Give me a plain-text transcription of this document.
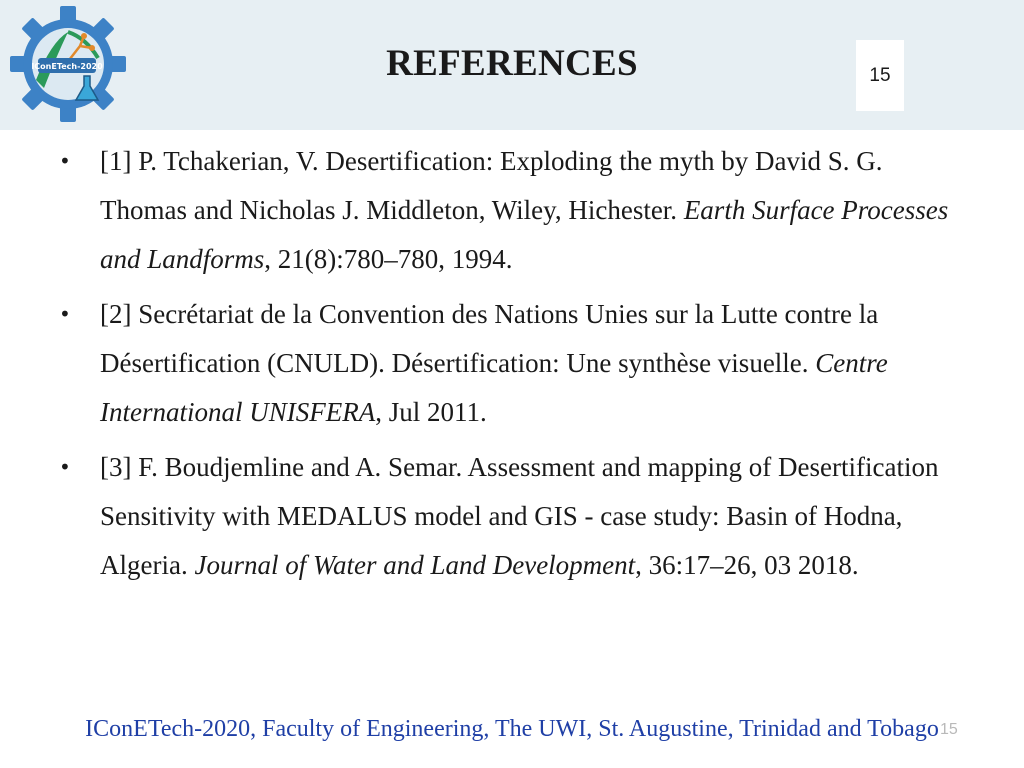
IConETech-2020	REFERENCES	15
• [1] P. Tchakerian, V. Desertification: Exploding the myth by David S. G. Thomas and Nicholas J. Middleton, Wiley, Hichester. Earth Surface Processes and Landforms, 21(8):780–780, 1994.
• [2] Secrétariat de la Convention des Nations Unies sur la Lutte contre la Désertification (CNULD). Désertification: Une synthèse visuelle. Centre International UNISFERA, Jul 2011.
• [3] F. Boudjemline and A. Semar. Assessment and mapping of Desertification Sensitivity with MEDALUS model and GIS - case study: Basin of Hodna, Algeria. Journal of Water and Land Development, 36:17–26, 03 2018.
IConETech-2020, Faculty of Engineering, The UWI, St. Augustine, Trinidad and Tobago 15
